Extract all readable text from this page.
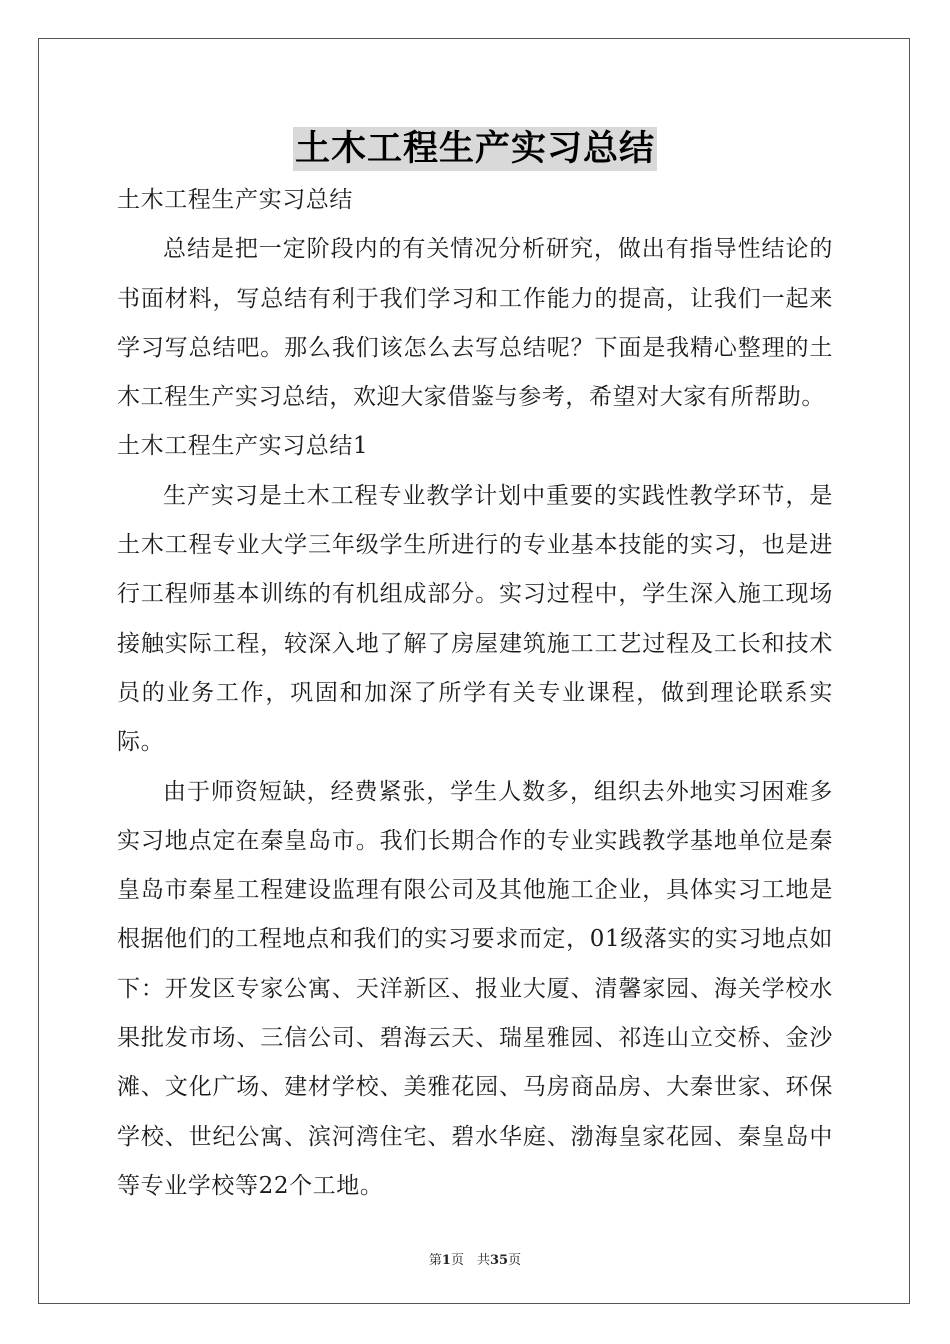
土木工程生产实习总结

土木工程生产实习总结

总结是把一定阶段内的有关情况分析研究，做出有指导性结论的书面材料，写总结有利于我们学习和工作能力的提高，让我们一起来学习写总结吧。那么我们该怎么去写总结呢？下面是我精心整理的土木工程生产实习总结，欢迎大家借鉴与参考，希望对大家有所帮助。

土木工程生产实习总结1

生产实习是土木工程专业教学计划中重要的实践性教学环节，是土木工程专业大学三年级学生所进行的专业基本技能的实习，也是进行工程师基本训练的有机组成部分。实习过程中，学生深入施工现场接触实际工程，较深入地了解了房屋建筑施工工艺过程及工长和技术员的业务工作，巩固和加深了所学有关专业课程，做到理论联系实际。

由于师资短缺，经费紧张，学生人数多，组织去外地实习困难多实习地点定在秦皇岛市。我们长期合作的专业实践教学基地单位是秦皇岛市秦星工程建设监理有限公司及其他施工企业，具体实习工地是根据他们的工程地点和我们的实习要求而定，01级落实的实习地点如下：开发区专家公寓、天洋新区、报业大厦、清馨家园、海关学校水果批发市场、三信公司、碧海云天、瑞星雅园、祁连山立交桥、金沙滩、文化广场、建材学校、美雅花园、马房商品房、大秦世家、环保学校、世纪公寓、滨河湾住宅、碧水华庭、渤海皇家花园、秦皇岛中等专业学校等22个工地。

第1页　共35页
